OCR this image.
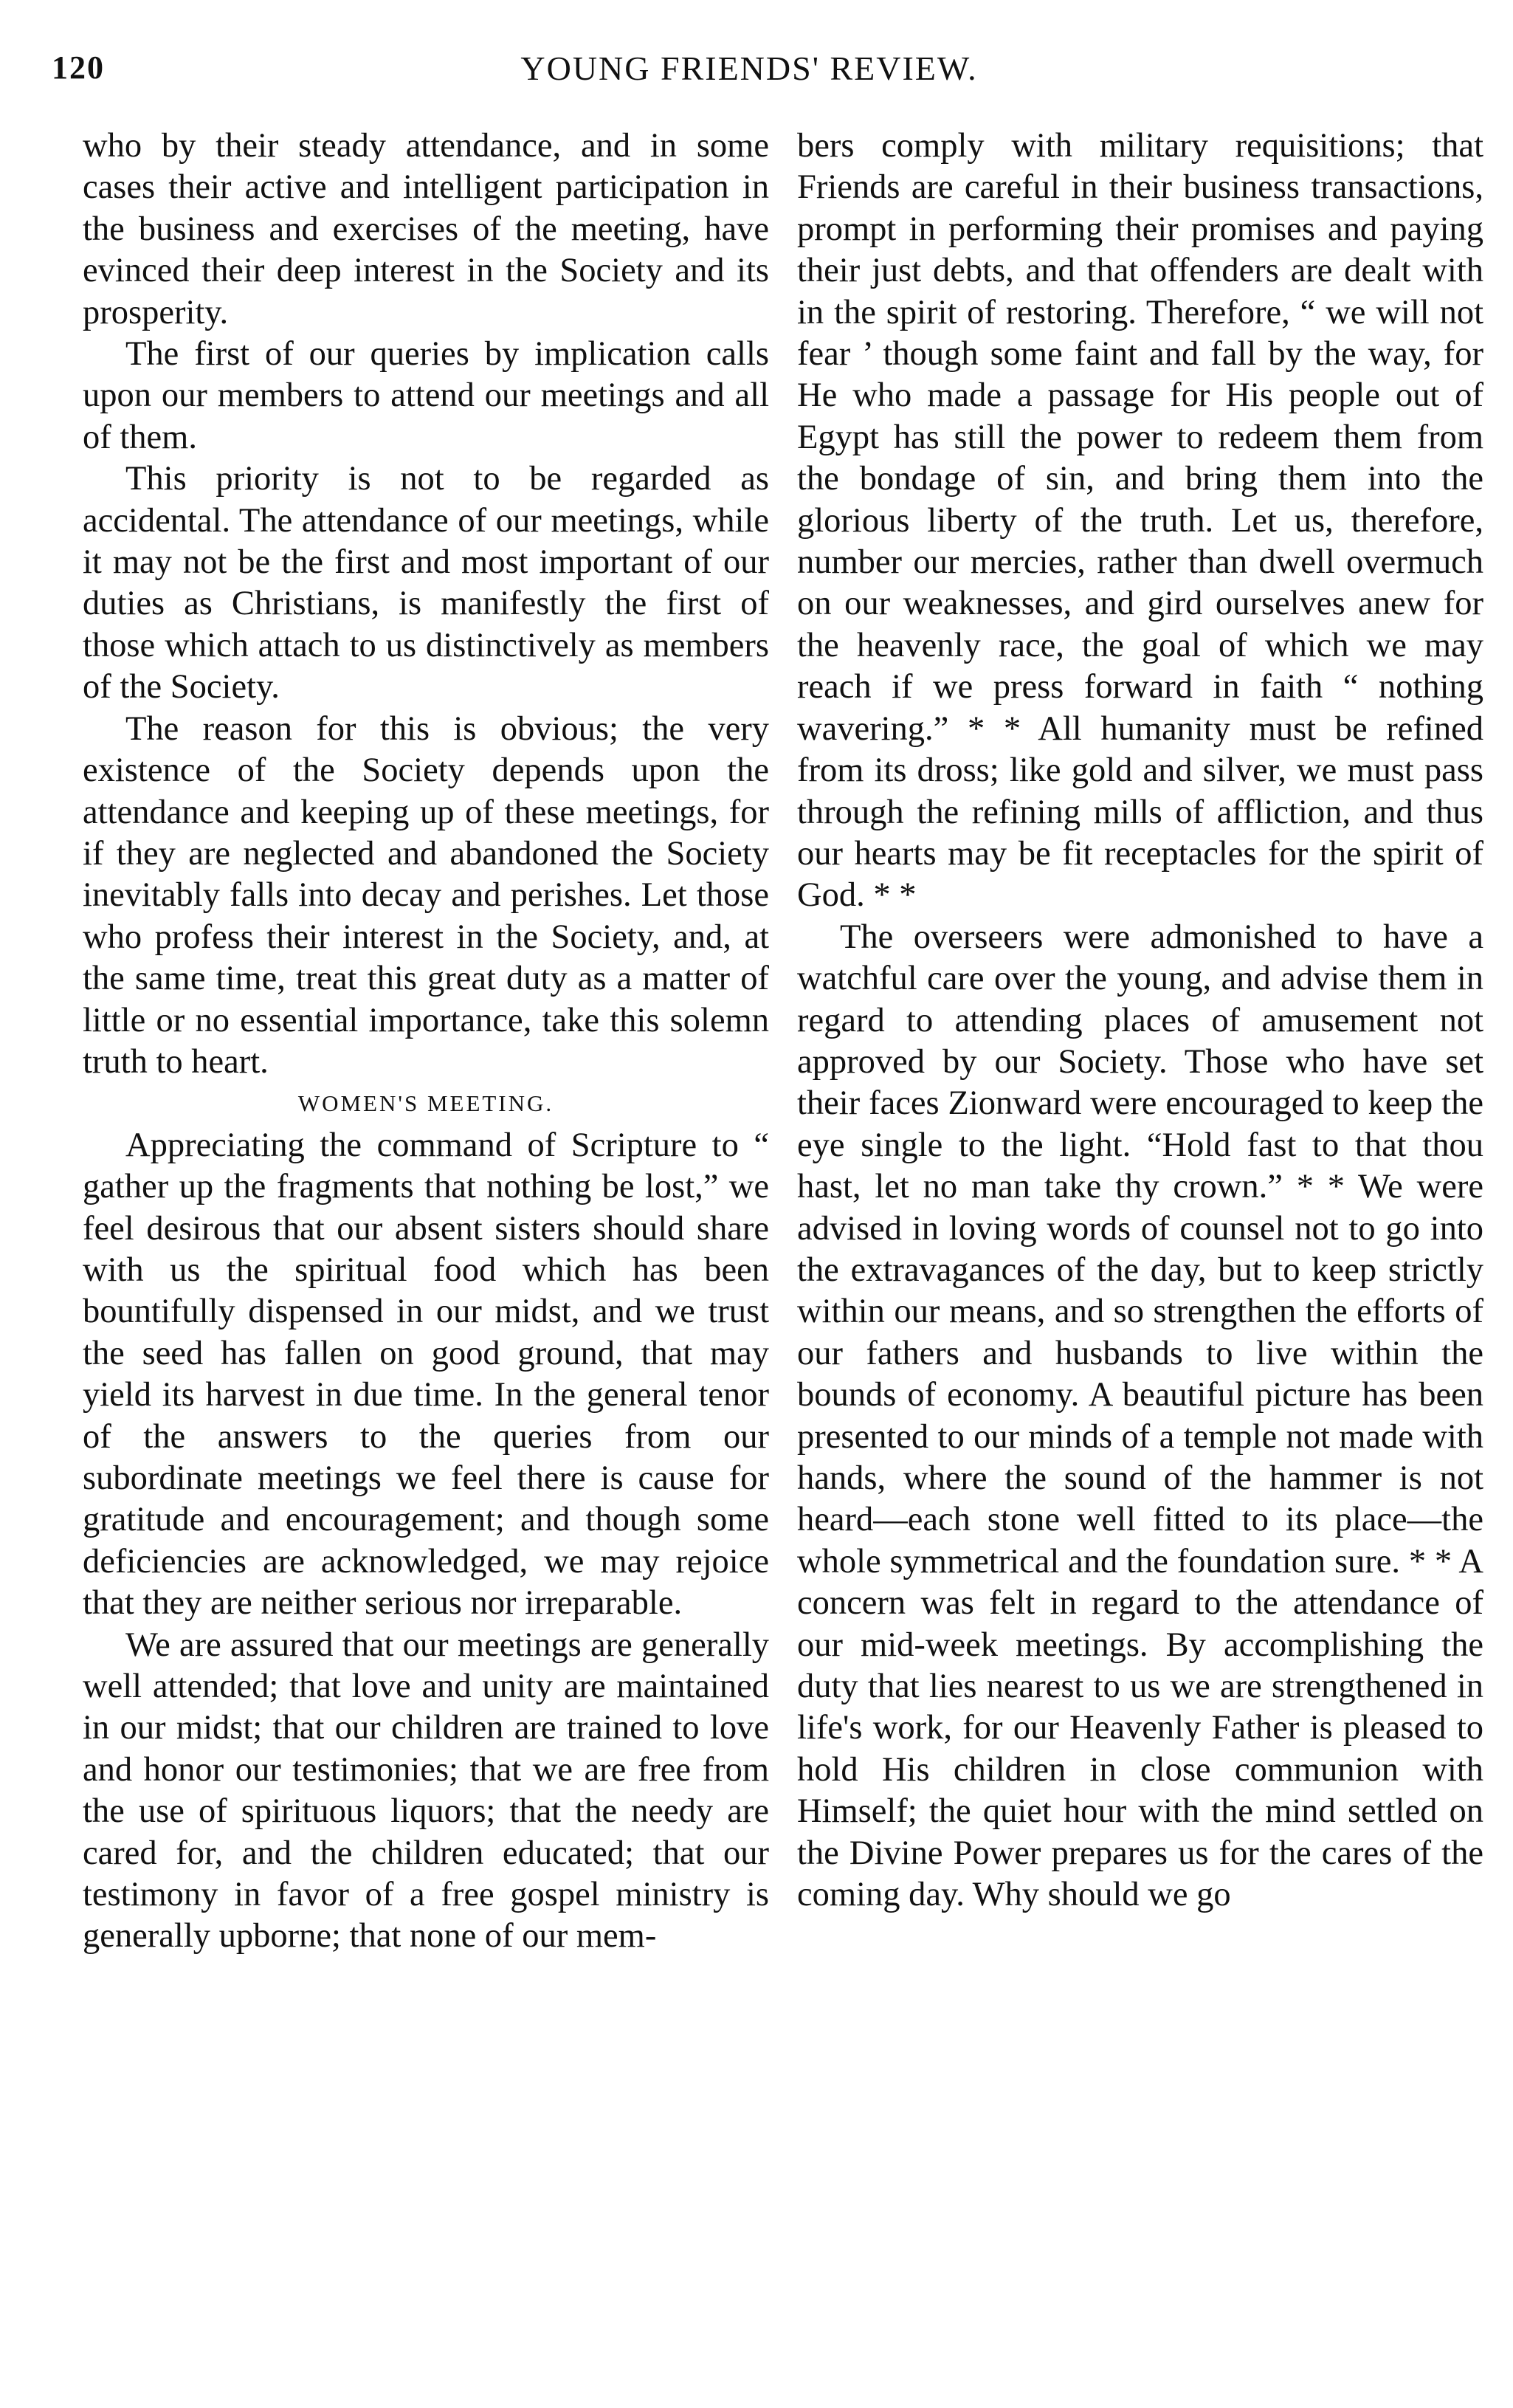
120	YOUNG FRIENDS' REVIEW.

who by their steady attendance, and in some cases their active and intelligent participation in the business and exercises of the meeting, have evinced their deep interest in the Society and its prosperity.

The first of our queries by implication calls upon our members to attend our meetings and all of them.

This priority is not to be regarded as accidental. The attendance of our meetings, while it may not be the first and most important of our duties as Christians, is manifestly the first of those which attach to us distinctively as members of the Society.

The reason for this is obvious; the very existence of the Society depends upon the attendance and keeping up of these meetings, for if they are neglected and abandoned the Society inevitably falls into decay and perishes. Let those who profess their interest in the Society, and, at the same time, treat this great duty as a matter of little or no essential importance, take this solemn truth to heart.

WOMEN'S MEETING.

Appreciating the command of Scripture to “ gather up the fragments that nothing be lost,” we feel desirous that our absent sisters should share with us the spiritual food which has been bountifully dispensed in our midst, and we trust the seed has fallen on good ground, that may yield its harvest in due time. In the general tenor of the answers to the queries from our subordinate meetings we feel there is cause for gratitude and encouragement; and though some deficiencies are acknowledged, we may rejoice that they are neither serious nor irreparable.

We are assured that our meetings are generally well attended; that love and unity are maintained in our midst; that our children are trained to love and honor our testimonies; that we are free from the use of spirituous liquors; that the needy are cared for, and the children educated; that our testimony in favor of a free gospel ministry is generally upborne; that none of our mem-

bers comply with military requisitions; that Friends are careful in their business transactions, prompt in performing their promises and paying their just debts, and that offenders are dealt with in the spirit of restoring. Therefore, “ we will not fear ’ though some faint and fall by the way, for He who made a passage for His people out of Egypt has still the power to redeem them from the bondage of sin, and bring them into the glorious liberty of the truth. Let us, therefore, number our mercies, rather than dwell overmuch on our weaknesses, and gird ourselves anew for the heavenly race, the goal of which we may reach if we press forward in faith “ nothing wavering.” * * All humanity must be refined from its dross; like gold and silver, we must pass through the refining mills of affliction, and thus our hearts may be fit receptacles for the spirit of God. * *

The overseers were admonished to have a watchful care over the young, and advise them in regard to attending places of amusement not approved by our Society. Those who have set their faces Zionward were encouraged to keep the eye single to the light. “Hold fast to that thou hast, let no man take thy crown.” * * We were advised in loving words of counsel not to go into the extravagances of the day, but to keep strictly within our means, and so strengthen the efforts of our fathers and husbands to live within the bounds of economy. A beautiful picture has been presented to our minds of a temple not made with hands, where the sound of the hammer is not heard—each stone well fitted to its place—the whole symmetrical and the foundation sure. * * A concern was felt in regard to the attendance of our mid-week meetings. By accomplishing the duty that lies nearest to us we are strengthened in life's work, for our Heavenly Father is pleased to hold His children in close communion with Himself; the quiet hour with the mind settled on the Divine Power prepares us for the cares of the coming day. Why should we go
